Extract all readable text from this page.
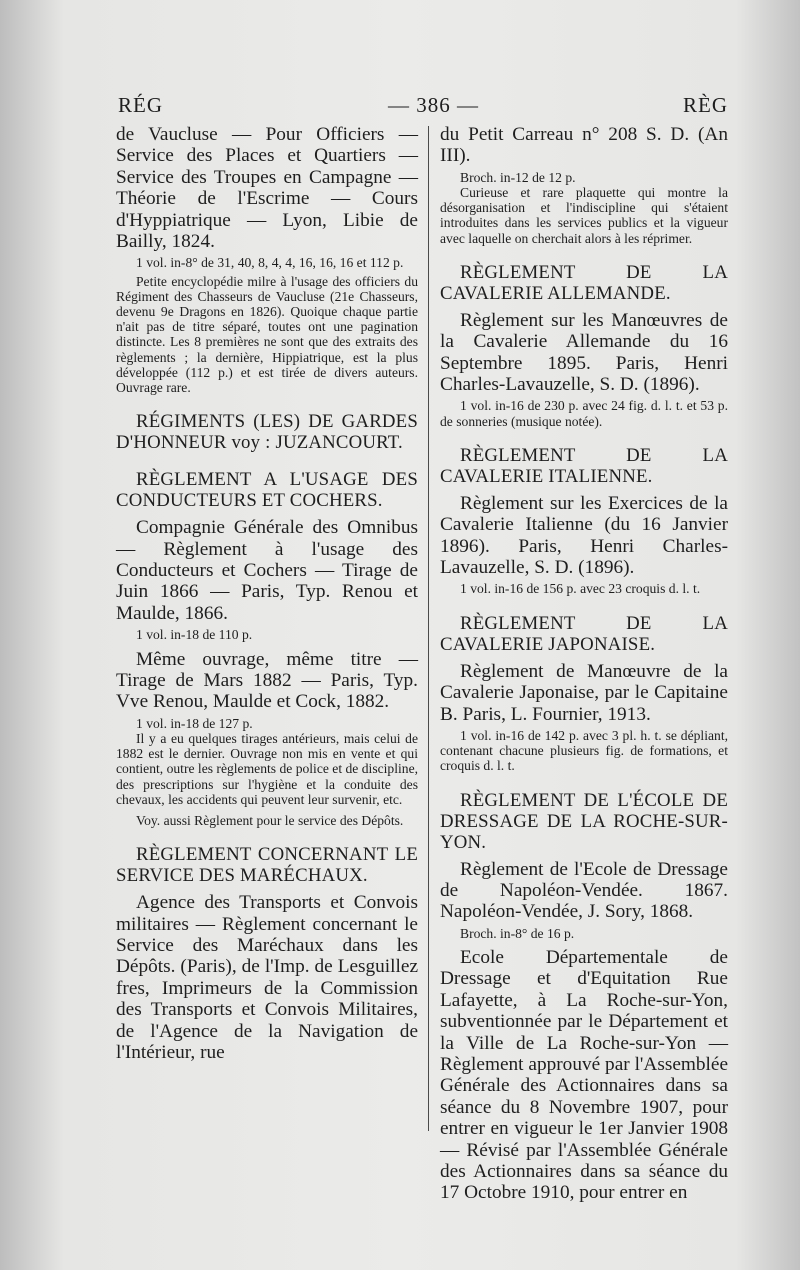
RÉG	— 386 —	RÈG

de Vaucluse — Pour Officiers — Service des Places et Quartiers — Service des Troupes en Campagne — Théorie de l'Escrime — Cours d'Hyppiatrique — Lyon, Libie de Bailly, 1824.

1 vol. in-8° de 31, 40, 8, 4, 4, 16, 16, 16 et 112 p.

Petite encyclopédie milre à l'usage des officiers du Régiment des Chasseurs de Vaucluse (21e Chasseurs, devenu 9e Dragons en 1826). Quoique chaque partie n'ait pas de titre séparé, toutes ont une pagination distincte. Les 8 premières ne sont que des extraits des règlements ; la dernière, Hippiatrique, est la plus développée (112 p.) et est tirée de divers auteurs. Ouvrage rare.

RÉGIMENTS (LES) DE GARDES D'HONNEUR voy : JUZANCOURT.

RÈGLEMENT A L'USAGE DES CONDUCTEURS ET COCHERS.

Compagnie Générale des Omnibus — Règlement à l'usage des Conducteurs et Cochers — Tirage de Juin 1866 — Paris, Typ. Renou et Maulde, 1866.

1 vol. in-18 de 110 p.

Même ouvrage, même titre — Tirage de Mars 1882 — Paris, Typ. Vve Renou, Maulde et Cock, 1882.

1 vol. in-18 de 127 p.

Il y a eu quelques tirages antérieurs, mais celui de 1882 est le dernier. Ouvrage non mis en vente et qui contient, outre les règlements de police et de discipline, des prescriptions sur l'hygiène et la conduite des chevaux, les accidents qui peuvent leur survenir, etc.

Voy. aussi Règlement pour le service des Dépôts.

RÈGLEMENT CONCERNANT LE SERVICE DES MARÉCHAUX.

Agence des Transports et Convois militaires — Règlement concernant le Service des Maréchaux dans les Dépôts. (Paris), de l'Imp. de Lesguillez fres, Imprimeurs de la Commission des Transports et Convois Militaires, de l'Agence de la Navigation de l'Intérieur, rue

du Petit Carreau n° 208 S. D. (An III).

Broch. in-12 de 12 p.

Curieuse et rare plaquette qui montre la désorganisation et l'indiscipline qui s'étaient introduites dans les services publics et la vigueur avec laquelle on cherchait alors à les réprimer.

RÈGLEMENT DE LA CAVALERIE ALLEMANDE.

Règlement sur les Manœuvres de la Cavalerie Allemande du 16 Septembre 1895. Paris, Henri Charles-Lavauzelle, S. D. (1896).

1 vol. in-16 de 230 p. avec 24 fig. d. l. t. et 53 p. de sonneries (musique notée).

RÈGLEMENT DE LA CAVALERIE ITALIENNE.

Règlement sur les Exercices de la Cavalerie Italienne (du 16 Janvier 1896). Paris, Henri Charles-Lavauzelle, S. D. (1896).

1 vol. in-16 de 156 p. avec 23 croquis d. l. t.

RÈGLEMENT DE LA CAVALERIE JAPONAISE.

Règlement de Manœuvre de la Cavalerie Japonaise, par le Capitaine B. Paris, L. Fournier, 1913.

1 vol. in-16 de 142 p. avec 3 pl. h. t. se dépliant, contenant chacune plusieurs fig. de formations, et croquis d. l. t.

RÈGLEMENT DE L'ÉCOLE DE DRESSAGE DE LA ROCHE-SUR-YON.

Règlement de l'Ecole de Dressage de Napoléon-Vendée. 1867. Napoléon-Vendée, J. Sory, 1868.

Broch. in-8° de 16 p.

Ecole Départementale de Dressage et d'Equitation Rue Lafayette, à La Roche-sur-Yon, subventionnée par le Département et la Ville de La Roche-sur-Yon — Règlement approuvé par l'Assemblée Générale des Actionnaires dans sa séance du 8 Novembre 1907, pour entrer en vigueur le 1er Janvier 1908 — Révisé par l'Assemblée Générale des Actionnaires dans sa séance du 17 Octobre 1910, pour entrer en
